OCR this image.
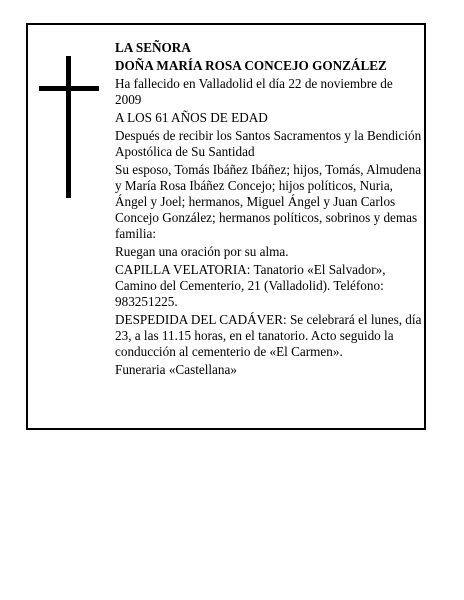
LA SEÑORA

DOÑA MARÍA ROSA CONCEJO GONZÁLEZ

Ha fallecido en Valladolid el día 22 de noviembre de 2009

A LOS 61 AÑOS DE EDAD

Después de recibir los Santos Sacramentos y la Bendición Apostólica de Su Santidad

Su esposo, Tomás Ibáñez Ibáñez; hijos, Tomás, Almudena y María Rosa Ibáñez Concejo; hijos políticos, Nuria, Ángel y Joel; hermanos, Miguel Ángel y Juan Carlos Concejo González; hermanos políticos, sobrinos y demas familia:

Ruegan una oración por su alma.

CAPILLA VELATORIA: Tanatorio «El Salvador», Camino del Cementerio, 21 (Valladolid). Teléfono: 983251225.

DESPEDIDA DEL CADÁVER: Se celebrará el lunes, día 23, a las 11.15 horas, en el tanatorio. Acto seguido la conducción al cementerio de «El Carmen».

Funeraria «Castellana»
